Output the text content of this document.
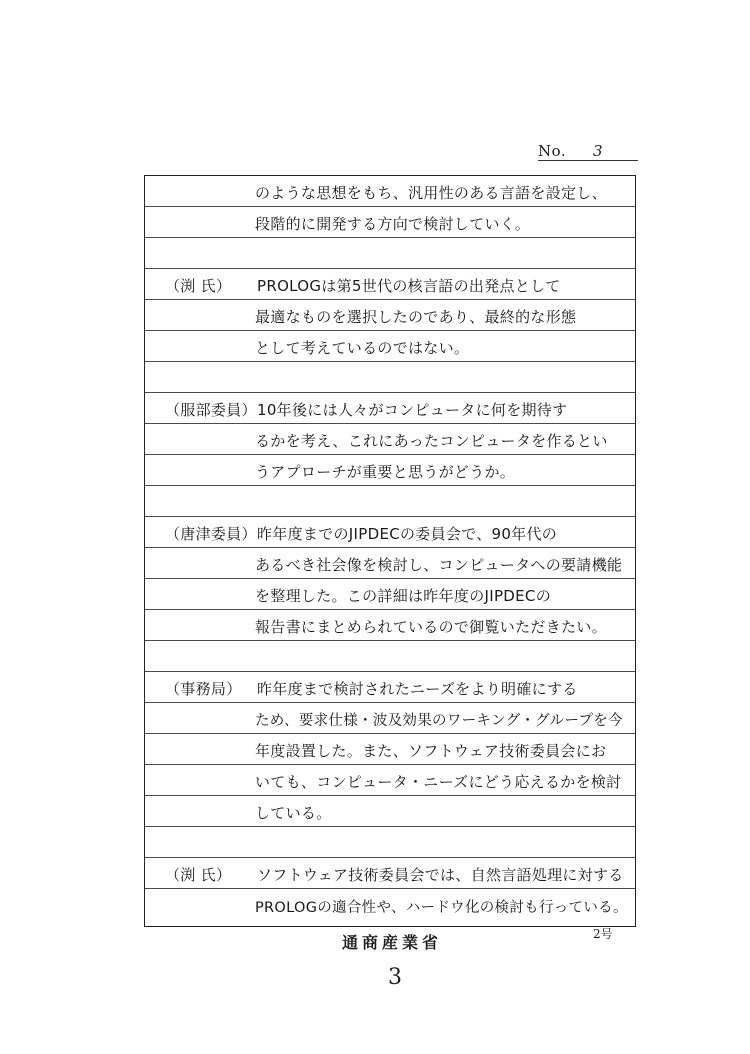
No. 3
のような思想をもち、汎用性のある言語を設定し、
段階的に開発する方向で検討していく。
（渕 氏） PROLOGは第5世代の核言語の出発点として
最適なものを選択したのであり、最終的な形態
として考えているのではない。
（服部委員） 10年後には人々がコンピュータに何を期待す
るかを考え、これにあったコンピュータを作るとい
うアプローチが重要と思うがどうか。
（唐津委員） 昨年度までのJIPDECの委員会で、90年代の
あるべき社会像を検討し、コンピュータへの要請機能
を整理した。この詳細は昨年度のJIPDECの
報告書にまとめられているので御覧いただきたい。
（事務局） 昨年度まで検討されたニーズをより明確にする
ため、要求仕様・波及効果のワーキング・グループを今
年度設置した。また、ソフトウェア技術委員会にお
いても、コンピュータ・ニーズにどう応えるかを検討
している。
（渕 氏） ソフトウェア技術委員会では、自然言語処理に対する
PROLOGの適合性や、ハードウ化の検討も行っている。
通商産業省	2号
3
